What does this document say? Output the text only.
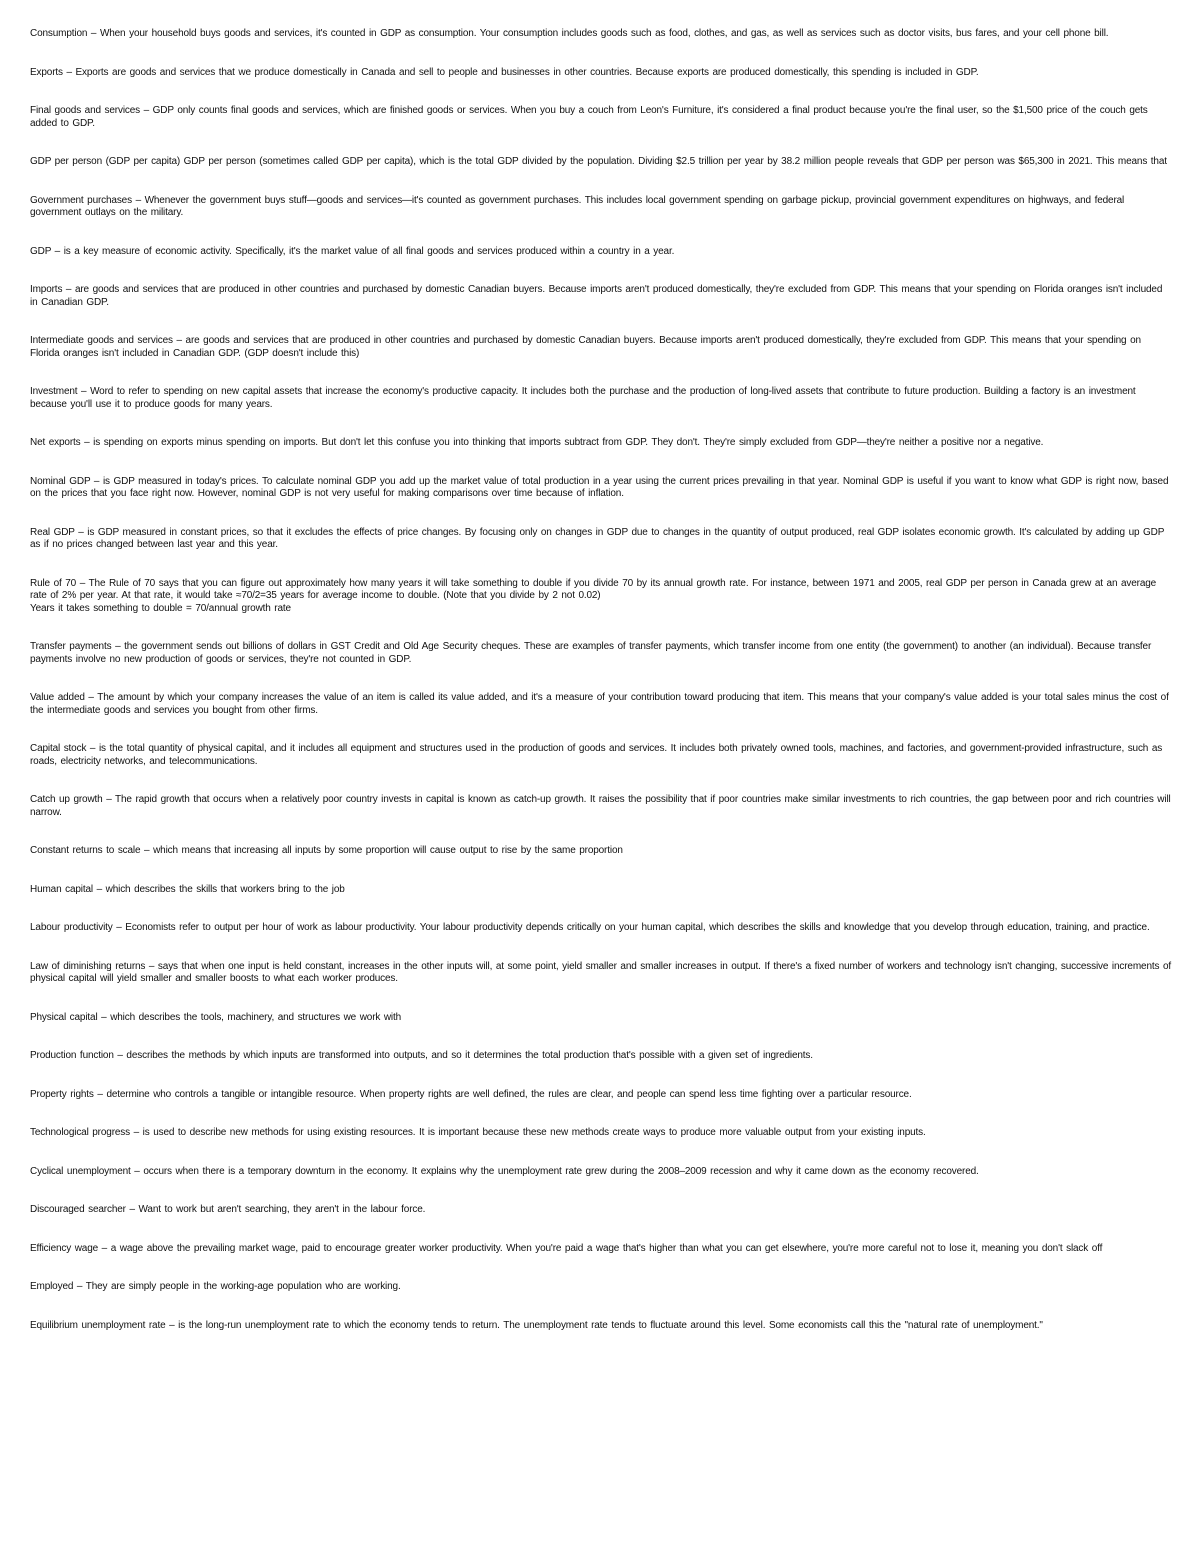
Consumption – When your household buys goods and services, it's counted in GDP as consumption. Your consumption includes goods such as food, clothes, and gas, as well as services such as doctor visits, bus fares, and your cell phone bill.

Exports – Exports are goods and services that we produce domestically in Canada and sell to people and businesses in other countries. Because exports are produced domestically, this spending is included in GDP.

Final goods and services – GDP only counts final goods and services, which are finished goods or services. When you buy a couch from Leon's Furniture, it's considered a final product because you're the final user, so the $1,500 price of the couch gets added to GDP.

GDP per person (GDP per capita) GDP per person (sometimes called GDP per capita), which is the total GDP divided by the population. Dividing $2.5 trillion per year by 38.2 million people reveals that GDP per person was $65,300 in 2021. This means that

Government purchases – Whenever the government buys stuff—goods and services—it's counted as government purchases. This includes local government spending on garbage pickup, provincial government expenditures on highways, and federal government outlays on the military.

GDP – is a key measure of economic activity. Specifically, it's the market value of all final goods and services produced within a country in a year.

Imports – are goods and services that are produced in other countries and purchased by domestic Canadian buyers. Because imports aren't produced domestically, they're excluded from GDP. This means that your spending on Florida oranges isn't included in Canadian GDP.

Intermediate goods and services – are goods and services that are produced in other countries and purchased by domestic Canadian buyers. Because imports aren't produced domestically, they're excluded from GDP. This means that your spending on Florida oranges isn't included in Canadian GDP. (GDP doesn't include this)

Investment – Word to refer to spending on new capital assets that increase the economy's productive capacity. It includes both the purchase and the production of long-lived assets that contribute to future production. Building a factory is an investment because you'll use it to produce goods for many years.

Net exports – is spending on exports minus spending on imports. But don't let this confuse you into thinking that imports subtract from GDP. They don't. They're simply excluded from GDP—they're neither a positive nor a negative.

Nominal GDP – is GDP measured in today's prices. To calculate nominal GDP you add up the market value of total production in a year using the current prices prevailing in that year. Nominal GDP is useful if you want to know what GDP is right now, based on the prices that you face right now. However, nominal GDP is not very useful for making comparisons over time because of inflation.

Real GDP – is GDP measured in constant prices, so that it excludes the effects of price changes. By focusing only on changes in GDP due to changes in the quantity of output produced, real GDP isolates economic growth. It's calculated by adding up GDP as if no prices changed between last year and this year.

Rule of 70 – The Rule of 70 says that you can figure out approximately how many years it will take something to double if you divide 70 by its annual growth rate. For instance, between 1971 and 2005, real GDP per person in Canada grew at an average rate of 2% per year. At that rate, it would take ≈70/2=35 years for average income to double. (Note that you divide by 2 not 0.02)
Years it takes something to double = 70/annual growth rate

Transfer payments – the government sends out billions of dollars in GST Credit and Old Age Security cheques. These are examples of transfer payments, which transfer income from one entity (the government) to another (an individual). Because transfer payments involve no new production of goods or services, they're not counted in GDP.

Value added – The amount by which your company increases the value of an item is called its value added, and it's a measure of your contribution toward producing that item. This means that your company's value added is your total sales minus the cost of the intermediate goods and services you bought from other firms.

Capital stock – is the total quantity of physical capital, and it includes all equipment and structures used in the production of goods and services. It includes both privately owned tools, machines, and factories, and government-provided infrastructure, such as roads, electricity networks, and telecommunications.

Catch up growth – The rapid growth that occurs when a relatively poor country invests in capital is known as catch-up growth. It raises the possibility that if poor countries make similar investments to rich countries, the gap between poor and rich countries will narrow.

Constant returns to scale – which means that increasing all inputs by some proportion will cause output to rise by the same proportion

Human capital – which describes the skills that workers bring to the job

Labour productivity – Economists refer to output per hour of work as labour productivity. Your labour productivity depends critically on your human capital, which describes the skills and knowledge that you develop through education, training, and practice.

Law of diminishing returns – says that when one input is held constant, increases in the other inputs will, at some point, yield smaller and smaller increases in output. If there's a fixed number of workers and technology isn't changing, successive increments of physical capital will yield smaller and smaller boosts to what each worker produces.

Physical capital – which describes the tools, machinery, and structures we work with

Production function – describes the methods by which inputs are transformed into outputs, and so it determines the total production that's possible with a given set of ingredients.

Property rights – determine who controls a tangible or intangible resource. When property rights are well defined, the rules are clear, and people can spend less time fighting over a particular resource.

Technological progress – is used to describe new methods for using existing resources. It is important because these new methods create ways to produce more valuable output from your existing inputs.

Cyclical unemployment – occurs when there is a temporary downturn in the economy. It explains why the unemployment rate grew during the 2008–2009 recession and why it came down as the economy recovered.

Discouraged searcher – Want to work but aren't searching, they aren't in the labour force.

Efficiency wage – a wage above the prevailing market wage, paid to encourage greater worker productivity. When you're paid a wage that's higher than what you can get elsewhere, you're more careful not to lose it, meaning you don't slack off

Employed – They are simply people in the working-age population who are working.

Equilibrium unemployment rate – is the long-run unemployment rate to which the economy tends to return. The unemployment rate tends to fluctuate around this level. Some economists call this the "natural rate of unemployment."
